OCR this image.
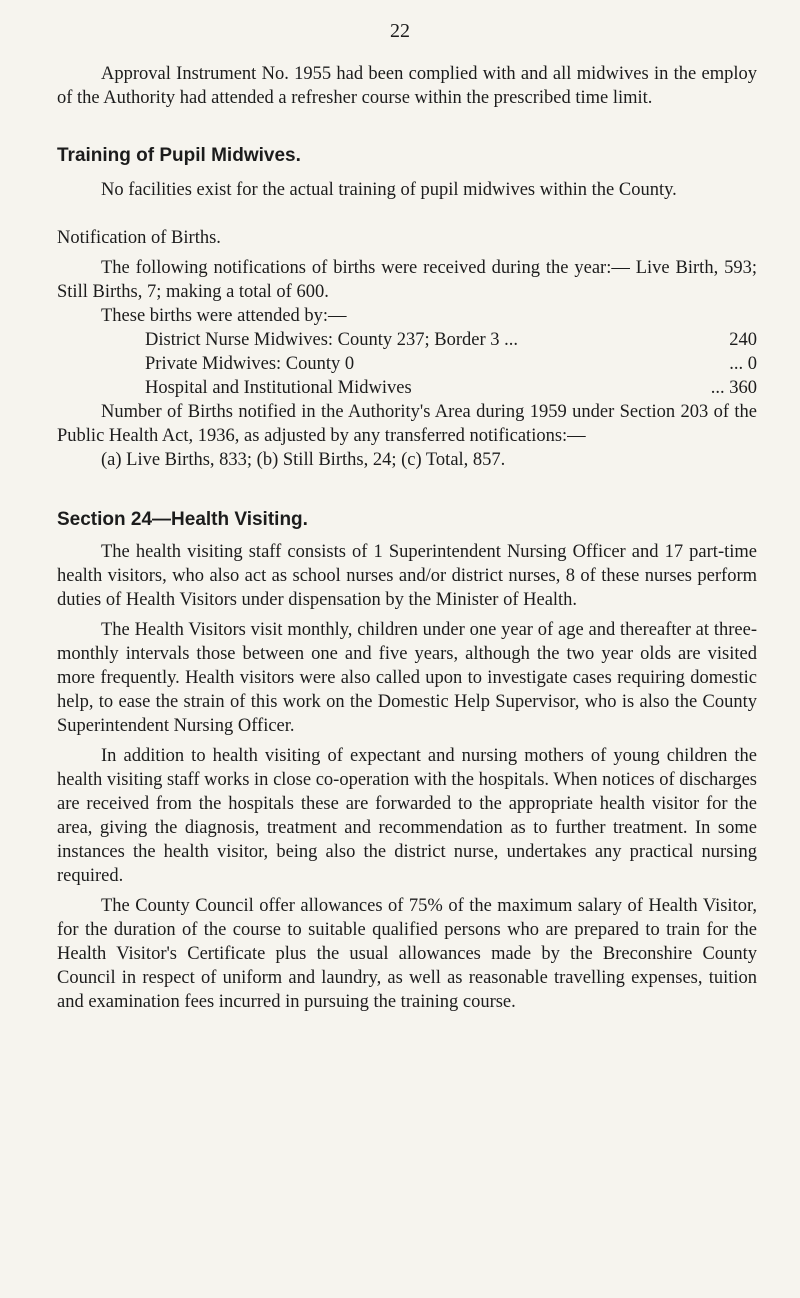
22

Approval Instrument No. 1955 had been complied with and all midwives in the employ of the Authority had attended a refresher course within the prescribed time limit.

Training of Pupil Midwives.

No facilities exist for the actual training of pupil midwives within the County.

Notification of Births.

The following notifications of births were received during the year:— Live Birth, 593; Still Births, 7; making a total of 600.

These births were attended by:—

District Nurse Midwives: County 237; Border 3 ...	240
Private Midwives: County 0	... 0
Hospital and Institutional Midwives	... 360

Number of Births notified in the Authority's Area during 1959 under Section 203 of the Public Health Act, 1936, as adjusted by any transferred notifications:—

(a) Live Births, 833; (b) Still Births, 24; (c) Total, 857.

Section 24—Health Visiting.

The health visiting staff consists of 1 Superintendent Nursing Officer and 17 part-time health visitors, who also act as school nurses and/or district nurses, 8 of these nurses perform duties of Health Visitors under dispensation by the Minister of Health.

The Health Visitors visit monthly, children under one year of age and thereafter at three-monthly intervals those between one and five years, although the two year olds are visited more frequently. Health visitors were also called upon to investigate cases requiring domestic help, to ease the strain of this work on the Domestic Help Supervisor, who is also the County Superintendent Nursing Officer.

In addition to health visiting of expectant and nursing mothers of young children the health visiting staff works in close co-operation with the hospitals. When notices of discharges are received from the hospitals these are forwarded to the appropriate health visitor for the area, giving the diagnosis, treatment and recommendation as to further treatment. In some instances the health visitor, being also the district nurse, undertakes any practical nursing required.

The County Council offer allowances of 75% of the maximum salary of Health Visitor, for the duration of the course to suitable qualified persons who are prepared to train for the Health Visitor's Certificate plus the usual allowances made by the Breconshire County Council in respect of uniform and laundry, as well as reasonable travelling expenses, tuition and examination fees incurred in pursuing the training course.
